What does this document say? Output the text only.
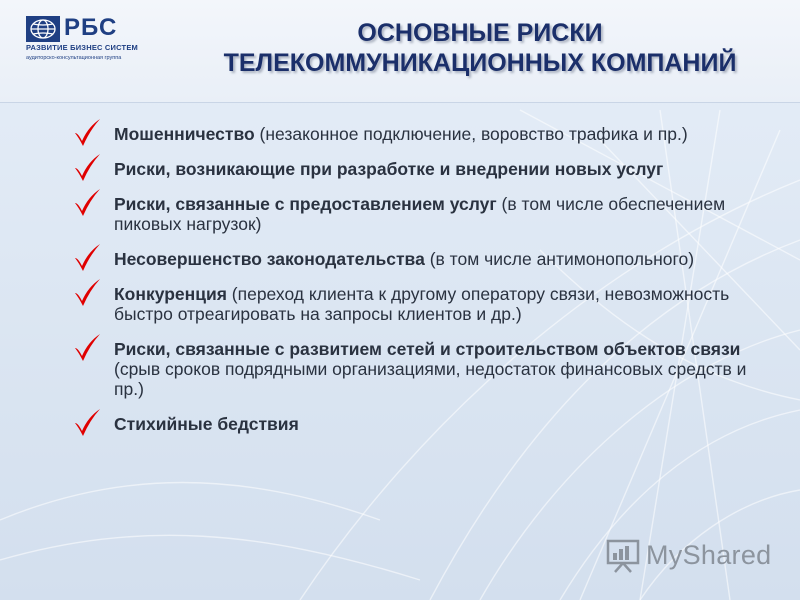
РБС
РАЗВИТИЕ БИЗНЕС СИСТЕМ
аудиторско-консультационная группа
ОСНОВНЫЕ РИСКИ
ТЕЛЕКОММУНИКАЦИОННЫХ КОМПАНИЙ
Мошенничество (незаконное подключение, воровство трафика и пр.)
Риски, возникающие при разработке и внедрении новых услуг
Риски, связанные с предоставлением услуг (в том числе обеспечением пиковых нагрузок)
Несовершенство законодательства (в том числе антимонопольного)
Конкуренция (переход клиента к другому оператору связи, невозможность быстро отреагировать на запросы клиентов и др.)
Риски, связанные с развитием сетей и строительством объектов связи (срыв сроков подрядными организациями, недостаток финансовых средств и пр.)
Стихийные бедствия
MyShared
